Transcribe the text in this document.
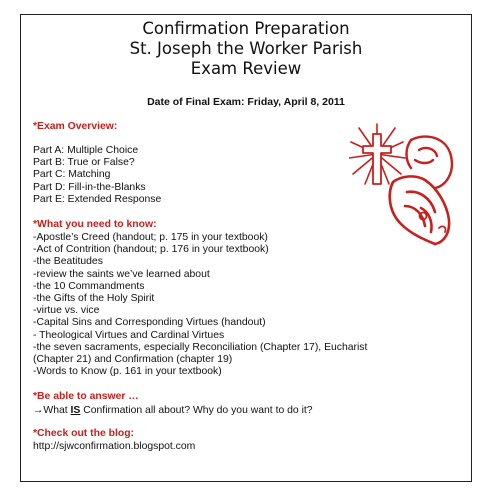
Confirmation Preparation
St. Joseph the Worker Parish
Exam Review
Date of Final Exam: Friday, April 8, 2011
*Exam Overview:
Part A: Multiple Choice
Part B: True or False?
Part C: Matching
Part D: Fill-in-the-Blanks
Part E: Extended Response
*What you need to know:
-Apostle’s Creed (handout; p. 175 in your textbook)
-Act of Contrition (handout; p. 176 in your textbook)
-the Beatitudes
-review the saints we’ve learned about
-the 10 Commandments
-the Gifts of the Holy Spirit
-virtue vs. vice
-Capital Sins and Corresponding Virtues (handout)
- Theological Virtues and Cardinal Virtues
-the seven sacraments, especially Reconciliation (Chapter 17), Eucharist
(Chapter 21) and Confirmation (chapter 19)
-Words to Know (p. 161 in your textbook)
*Be able to answer …
→What IS Confirmation all about? Why do you want to do it?
*Check out the blog:
http://sjwconfirmation.blogspot.com
